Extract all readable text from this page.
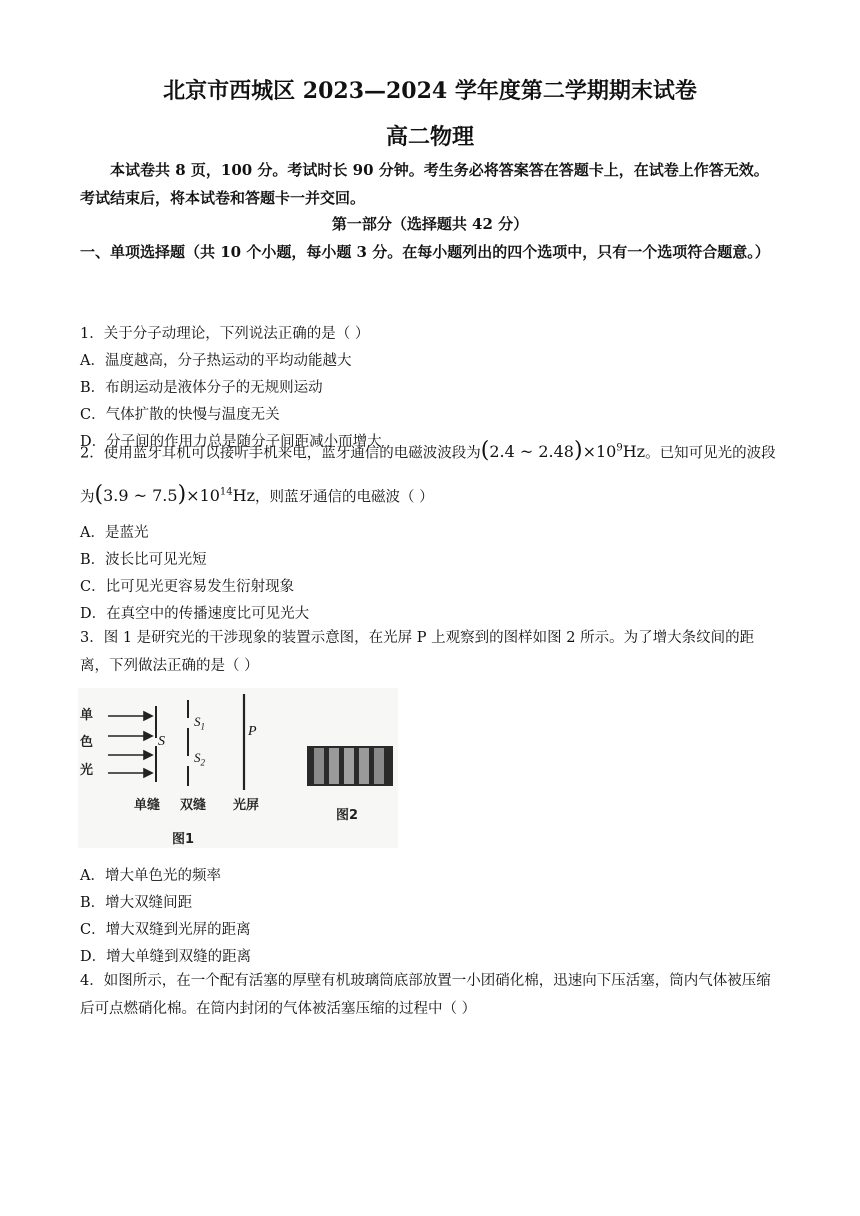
北京市西城区 2023—2024 学年度第二学期期末试卷
高二物理
本试卷共 8 页，100 分。考试时长 90 分钟。考生务必将答案答在答题卡上，在试卷上作答无效。考试结束后，将本试卷和答题卡一并交回。
第一部分（选择题共 42 分）
一、单项选择题（共 10 个小题，每小题 3 分。在每小题列出的四个选项中，只有一个选项符合题意。）
1．关于分子动理论，下列说法正确的是（ ）
A．温度越高，分子热运动的平均动能越大
B．布朗运动是液体分子的无规则运动
C．气体扩散的快慢与温度无关
D．分子间的作用力总是随分子间距减小而增大
2．使用蓝牙耳机可以接听手机来电，蓝牙通信的电磁波波段为(2.4 ~ $2.48)\times 10^9Hz$。已知可见光的波段
为(3.9 ~ $7.5)\times 10^{14}Hz$，则蓝牙通信的电磁波（ ）
A．是蓝光
B．波长比可见光短
C．比可见光更容易发生衍射现象
D．在真空中的传播速度比可见光大
3．图 1 是研究光的干涉现象的装置示意图，在光屏 P 上观察到的图样如图 2 所示。为了增大条纹间的距离，下列做法正确的是（ ）
单
色
光
S
$S_1$
$S_2$
P
单缝 双缝 光屏
图1
图2
A．增大单色光的频率
B．增大双缝间距
C．增大双缝到光屏的距离
D．增大单缝到双缝的距离
4．如图所示，在一个配有活塞的厚壁有机玻璃筒底部放置一小团硝化棉，迅速向下压活塞，筒内气体被压缩后可点燃硝化棉。在筒内封闭的气体被活塞压缩的过程中（ ）
